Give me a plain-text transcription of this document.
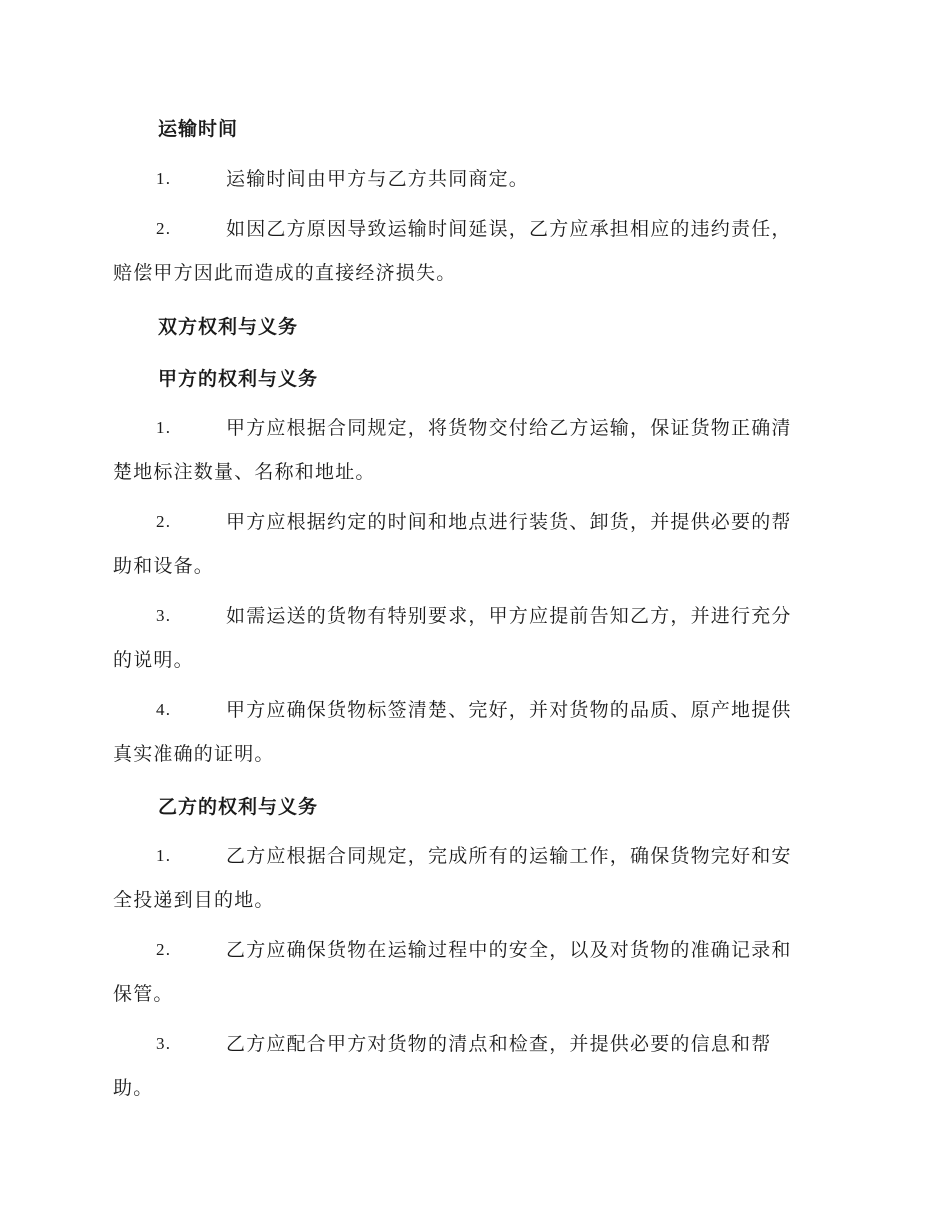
运输时间
1.	运输时间由甲方与乙方共同商定。
2.	如因乙方原因导致运输时间延误，乙方应承担相应的违约责任，
赔偿甲方因此而造成的直接经济损失。
双方权利与义务
甲方的权利与义务
1.	甲方应根据合同规定，将货物交付给乙方运输，保证货物正确清
楚地标注数量、名称和地址。
2.	甲方应根据约定的时间和地点进行装货、卸货，并提供必要的帮
助和设备。
3.	如需运送的货物有特别要求，甲方应提前告知乙方，并进行充分
的说明。
4.	甲方应确保货物标签清楚、完好，并对货物的品质、原产地提供
真实准确的证明。
乙方的权利与义务
1.	乙方应根据合同规定，完成所有的运输工作，确保货物完好和安
全投递到目的地。
2.	乙方应确保货物在运输过程中的安全，以及对货物的准确记录和
保管。
3.	乙方应配合甲方对货物的清点和检查，并提供必要的信息和帮
助。
